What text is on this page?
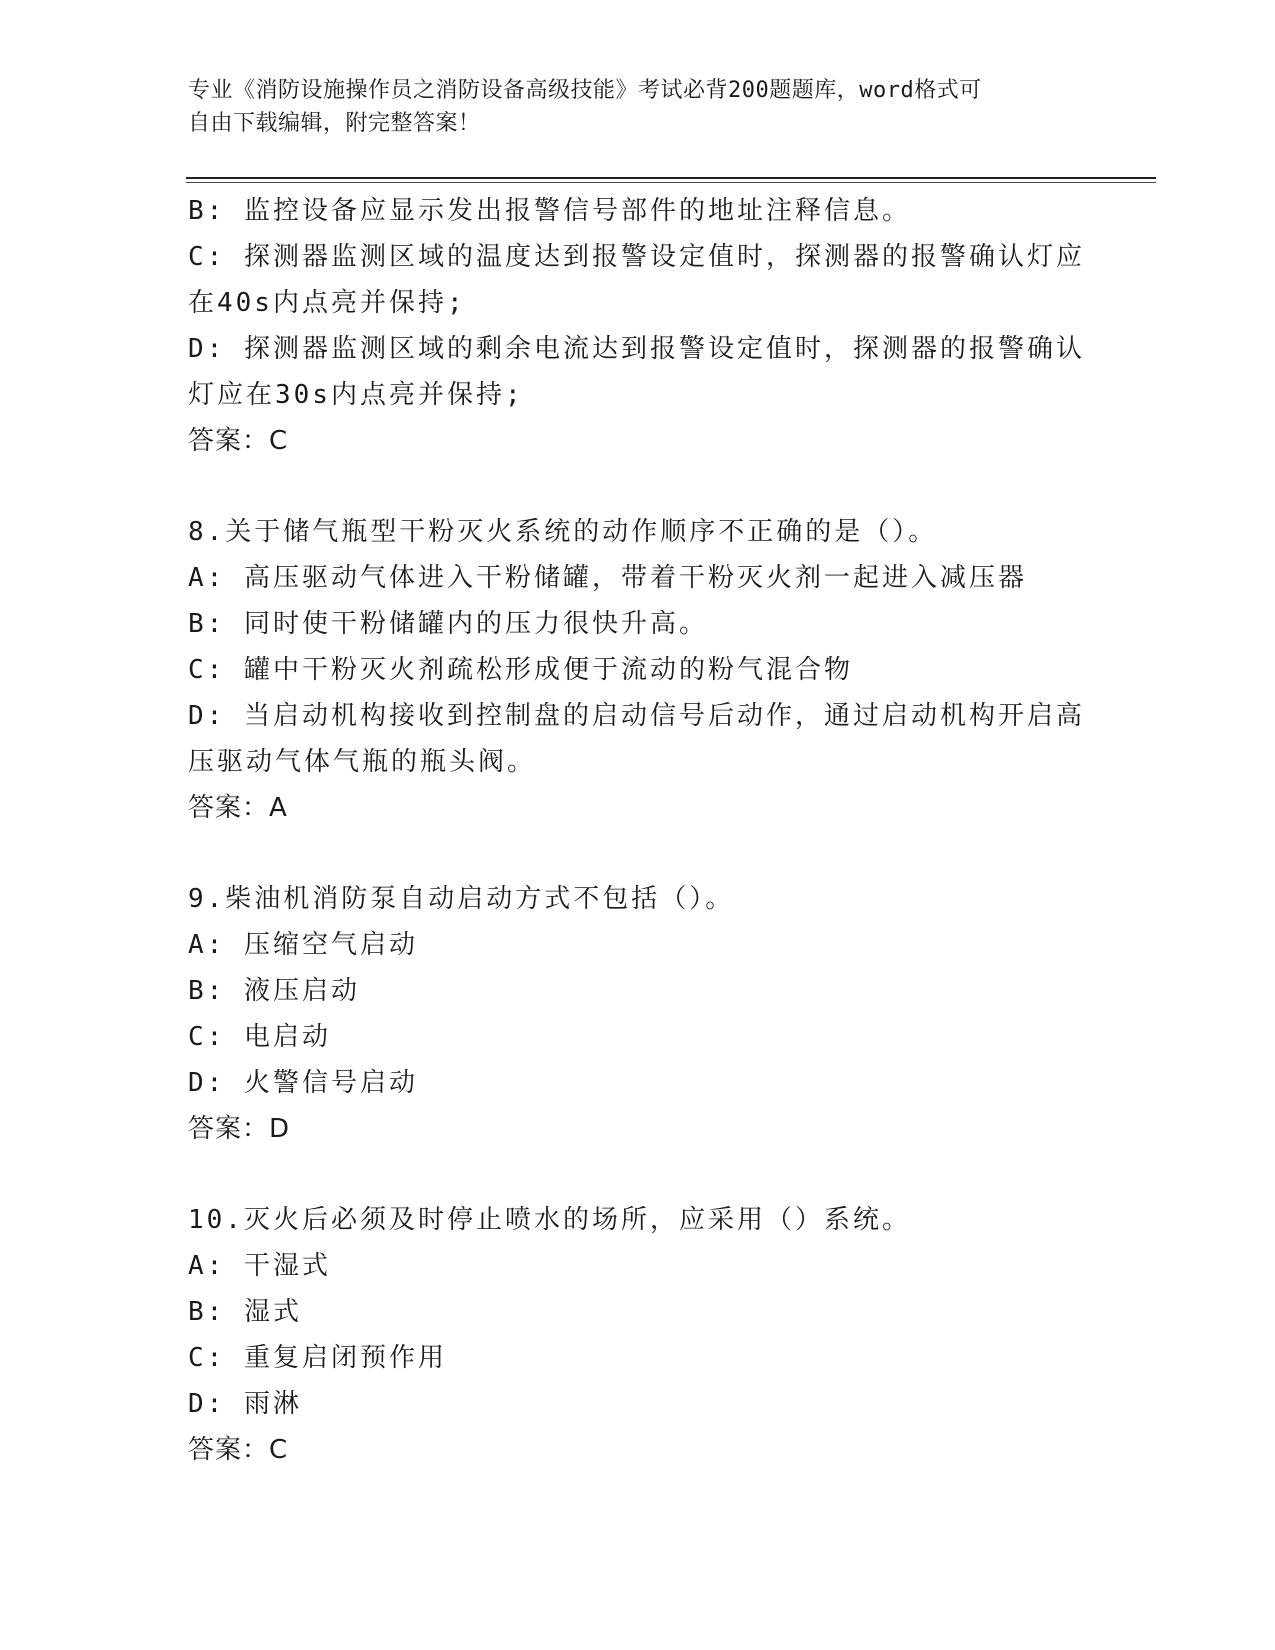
专业《消防设施操作员之消防设备高级技能》考试必背200题题库，word格式可
自由下载编辑，附完整答案！
B: 监控设备应显示发出报警信号部件的地址注释信息。
C: 探测器监测区域的温度达到报警设定值时，探测器的报警确认灯应
在40s内点亮并保持;
D: 探测器监测区域的剩余电流达到报警设定值时，探测器的报警确认
灯应在30s内点亮并保持;
答案：C
8.关于储气瓶型干粉灭火系统的动作顺序不正确的是（）。
A: 高压驱动气体进入干粉储罐，带着干粉灭火剂一起进入减压器
B: 同时使干粉储罐内的压力很快升高。
C: 罐中干粉灭火剂疏松形成便于流动的粉气混合物
D: 当启动机构接收到控制盘的启动信号后动作，通过启动机构开启高
压驱动气体气瓶的瓶头阀。
答案：A
9.柴油机消防泵自动启动方式不包括（）。
A: 压缩空气启动
B: 液压启动
C: 电启动
D: 火警信号启动
答案：D
10.灭火后必须及时停止喷水的场所，应采用（）系统。
A: 干湿式
B: 湿式
C: 重复启闭预作用
D: 雨淋
答案：C
